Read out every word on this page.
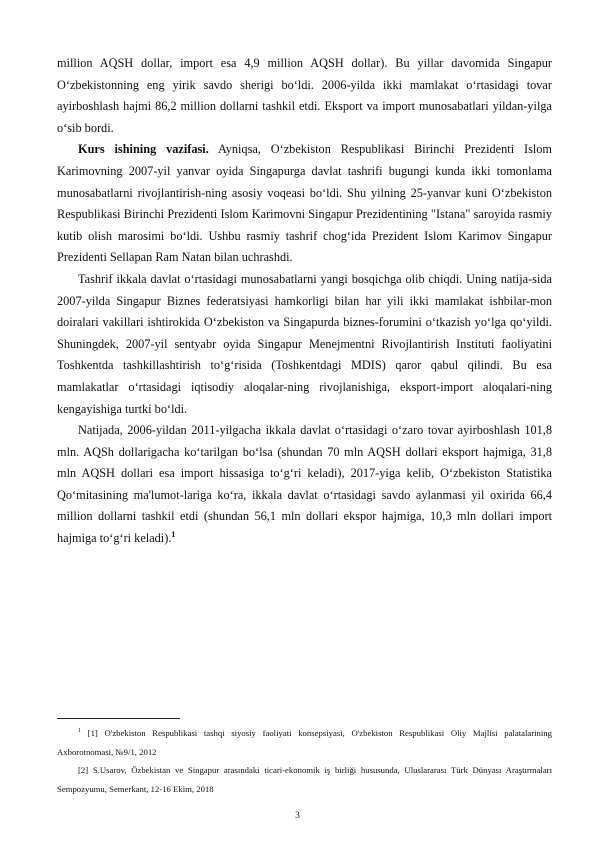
million AQSH dollar, import esa 4,9 million AQSH dollar). Bu yillar davomida Singapur O‘zbekistonning eng yirik savdo sherigi bo‘ldi. 2006-yilda ikki mamlakat o‘rtasidagi tovar ayirboshlash hajmi 86,2 million dollarni tashkil etdi. Eksport va import munosabatlari yildan-yilga o‘sib bordi.

Kurs ishining vazifasi. Ayniqsa, O‘zbekiston Respublikasi Birinchi Prezidenti Islom Karimovning 2007-yil yanvar oyida Singapurga davlat tashrifi bugungi kunda ikki tomonlama munosabatlarni rivojlantirish-ning asosiy voqeasi bo‘ldi. Shu yilning 25-yanvar kuni O‘zbekiston Respublikasi Birinchi Prezidenti Islom Karimovni Singapur Prezidentining "Istana" saroyida rasmiy kutib olish marosimi bo‘ldi. Ushbu rasmiy tashrif chog‘ida Prezident Islom Karimov Singapur Prezidenti Sellapan Ram Natan bilan uchrashdi.

Tashrif ikkala davlat o‘rtasidagi munosabatlarni yangi bosqichga olib chiqdi. Uning natija-sida 2007-yilda Singapur Biznes federatsiyasi hamkorligi bilan har yili ikki mamlakat ishbilar-mon doiralari vakillari ishtirokida O‘zbekiston va Singapurda biznes-forumini o‘tkazish yo‘lga qo‘yildi. Shuningdek, 2007-yil sentyabr oyida Singapur Menejmentni Rivojlantirish Instituti faoliyatini Toshkentda tashkillashtirish to‘g‘risida (Toshkentdagi MDIS) qaror qabul qilindi. Bu esa mamlakatlar o‘rtasidagi iqtisodiy aloqalar-ning rivojlanishiga, eksport-import aloqalari-ning kengayishiga turtki bo‘ldi.

Natijada, 2006-yildan 2011-yilgacha ikkala davlat o‘rtasidagi o‘zaro tovar ayirboshlash 101,8 mln. AQSh dollarigacha ko‘tarilgan bo‘lsa (shundan 70 mln AQSH dollari eksport hajmiga, 31,8 mln AQSH dollari esa import hissasiga to‘g‘ri keladi), 2017-yiga kelib, O‘zbekiston Statistika Qo‘mitasining ma'lumot-lariga ko‘ra, ikkala davlat o‘rtasidagi savdo aylanmasi yil oxirida 66,4 million dollarni tashkil etdi (shundan 56,1 mln dollari ekspor hajmiga, 10,3 mln dollari import hajmiga to‘g‘ri keladi).$^1$

$^1$ [1] O'zbekiston Respublikasi tashqi siyosiy faoliyati konsepsiyasi, O'zbekiston Respublikasi Oliy Majlisi palatalarining Axborotnomasi, №9/1, 2012

[2] S.Usarov, Özbekistan ve Singapur arasındaki ticari-ekonomik iş birliği hususunda, Uluslararası Türk Dünyası Araştırmaları Sempozyumu, Semerkant, 12-16 Ekim, 2018

3
